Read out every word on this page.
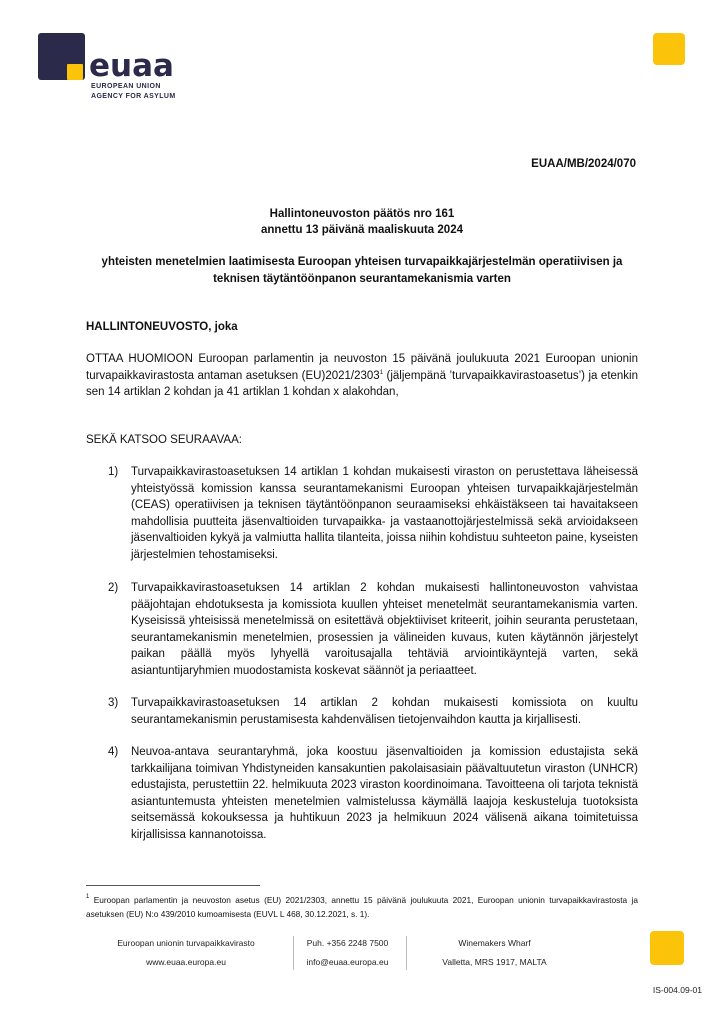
euaa
EUROPEAN UNION
AGENCY FOR ASYLUM
EUAA/MB/2024/070
Hallintoneuvoston päätös nro 161
annettu 13 päivänä maaliskuuta 2024
yhteisten menetelmien laatimisesta Euroopan yhteisen turvapaikkajärjestelmän operatiivisen ja
teknisen täytäntöönpanon seurantamekanismia varten
HALLINTONEUVOSTO, joka
OTTAA HUOMIOON Euroopan parlamentin ja neuvoston 15 päivänä joulukuuta 2021 Euroopan unionin turvapaikkavirastosta antaman asetuksen (EU)2021/2303$^1$ (jäljempänä ’turvapaikkavirastoasetus’) ja etenkin sen 14 artiklan 2 kohdan ja 41 artiklan 1 kohdan x alakohdan,
SEKÄ KATSOO SEURAAVAA:
1) Turvapaikkavirastoasetuksen 14 artiklan 1 kohdan mukaisesti viraston on perustettava läheisessä yhteistyössä komission kanssa seurantamekanismi Euroopan yhteisen turvapaikkajärjestelmän (CEAS) operatiivisen ja teknisen täytäntöönpanon seuraamiseksi ehkäistäkseen tai havaitakseen mahdollisia puutteita jäsenvaltioiden turvapaikka- ja vastaanottojärjestelmissä sekä arvioidakseen jäsenvaltioiden kykyä ja valmiutta hallita tilanteita, joissa niihin kohdistuu suhteeton paine, kyseisten järjestelmien tehostamiseksi.
2) Turvapaikkavirastoasetuksen 14 artiklan 2 kohdan mukaisesti hallintoneuvoston vahvistaa pääjohtajan ehdotuksesta ja komissiota kuullen yhteiset menetelmät seurantamekanismia varten. Kyseisissä yhteisissä menetelmissä on esitettävä objektiiviset kriteerit, joihin seuranta perustetaan, seurantamekanismin menetelmien, prosessien ja välineiden kuvaus, kuten käytännön järjestelyt paikan päällä myös lyhyellä varoitusajalla tehtäviä arviointikäyntejä varten, sekä asiantuntijaryhmien muodostamista koskevat säännöt ja periaatteet.
3) Turvapaikkavirastoasetuksen 14 artiklan 2 kohdan mukaisesti komissiota on kuultu seurantamekanismin perustamisesta kahdenvälisen tietojenvaihdon kautta ja kirjallisesti.
4) Neuvoa-antava seurantaryhmä, joka koostuu jäsenvaltioiden ja komission edustajista sekä tarkkailijana toimivan Yhdistyneiden kansakuntien pakolaisasiain päävaltuutetun viraston (UNHCR) edustajista, perustettiin 22. helmikuuta 2023 viraston koordinoimana. Tavoitteena oli tarjota teknistä asiantuntemusta yhteisten menetelmien valmistelussa käymällä laajoja keskusteluja tuotoksista seitsemässä kokouksessa ja huhtikuun 2023 ja helmikuun 2024 välisenä aikana toimitetuissa kirjallisissa kannanotoissa.
$^1$ Euroopan parlamentin ja neuvoston asetus (EU) 2021/2303, annettu 15 päivänä joulukuuta 2021, Euroopan unionin turvapaikkavirastosta ja asetuksen (EU) N:o 439/2010 kumoamisesta (EUVL L 468, 30.12.2021, s. 1).
Euroopan unionin turvapaikkavirasto
www.euaa.europa.eu
Puh. +356 2248 7500
info@euaa.europa.eu
Winemakers Wharf
Valletta, MRS 1917, MALTA
IS-004.09-01
